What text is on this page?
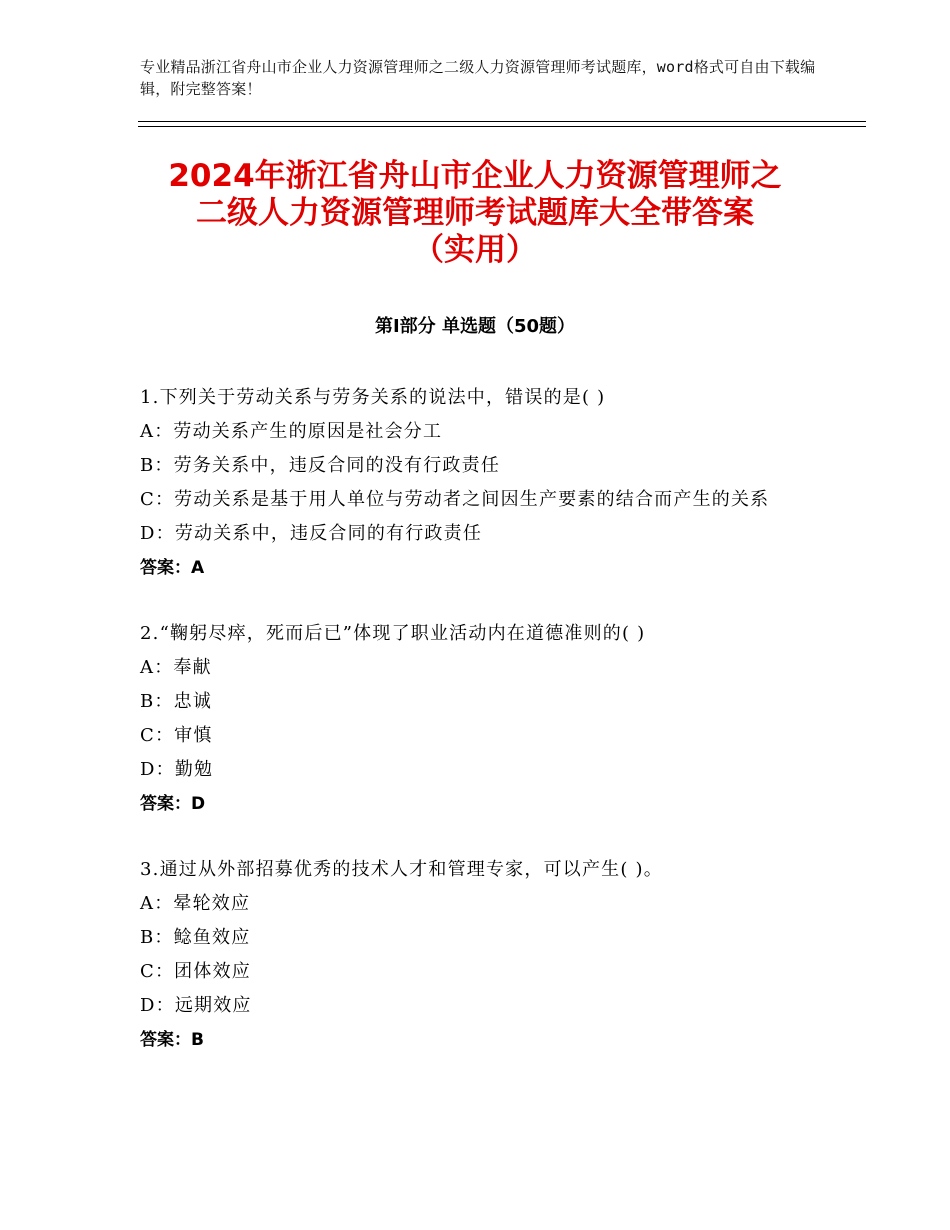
专业精品浙江省舟山市企业人力资源管理师之二级人力资源管理师考试题库，word格式可自由下载编辑，附完整答案！
2024年浙江省舟山市企业人力资源管理师之
二级人力资源管理师考试题库大全带答案
（实用）
第Ⅰ部分 单选题（50题）
1.下列关于劳动关系与劳务关系的说法中，错误的是( )
A：劳动关系产生的原因是社会分工
B：劳务关系中，违反合同的没有行政责任
C：劳动关系是基于用人单位与劳动者之间因生产要素的结合而产生的关系
D：劳动关系中，违反合同的有行政责任
答案：A
2.“鞠躬尽瘁，死而后已”体现了职业活动内在道德准则的( )
A：奉献
B：忠诚
C：审慎
D：勤勉
答案：D
3.通过从外部招募优秀的技术人才和管理专家，可以产生( )。
A：晕轮效应
B：鲶鱼效应
C：团体效应
D：远期效应
答案：B
